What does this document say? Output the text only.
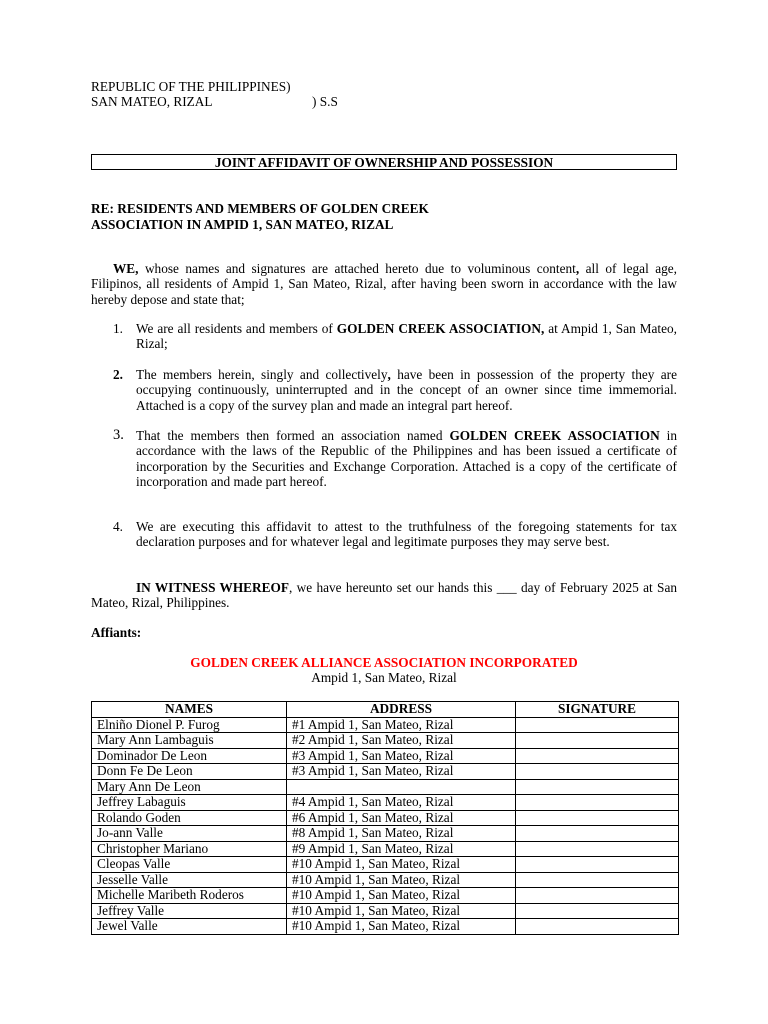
REPUBLIC OF THE PHILIPPINES)
SAN MATEO, RIZAL	) S.S
JOINT AFFIDAVIT OF OWNERSHIP AND POSSESSION
RE: RESIDENTS AND MEMBERS OF GOLDEN CREEK
ASSOCIATION IN AMPID 1, SAN MATEO, RIZAL
WE, whose names and signatures are attached hereto due to voluminous content, all of legal age, Filipinos, all residents of Ampid 1, San Mateo, Rizal, after having been sworn in accordance with the law hereby depose and state that;
1. We are all residents and members of GOLDEN CREEK ASSOCIATION, at Ampid 1, San Mateo, Rizal;
2. The members herein, singly and collectively, have been in possession of the property they are occupying continuously, uninterrupted and in the concept of an owner since time immemorial. Attached is a copy of the survey plan and made an integral part hereof.
3. That the members then formed an association named GOLDEN CREEK ASSOCIATION in accordance with the laws of the Republic of the Philippines and has been issued a certificate of incorporation by the Securities and Exchange Corporation. Attached is a copy of the certificate of incorporation and made part hereof.
4. We are executing this affidavit to attest to the truthfulness of the foregoing statements for tax declaration purposes and for whatever legal and legitimate purposes they may serve best.
IN WITNESS WHEREOF, we have hereunto set our hands this ___ day of February 2025 at San Mateo, Rizal, Philippines.
Affiants:
GOLDEN CREEK ALLIANCE ASSOCIATION INCORPORATED
Ampid 1, San Mateo, Rizal
NAMES	ADDRESS	SIGNATURE
Elniño Dionel P. Furog	#1 Ampid 1, San Mateo, Rizal	
Mary Ann Lambaguis	#2 Ampid 1, San Mateo, Rizal	
Dominador De Leon	#3 Ampid 1, San Mateo, Rizal	
Donn Fe De Leon	#3 Ampid 1, San Mateo, Rizal	
Mary Ann De Leon		
Jeffrey Labaguis	#4 Ampid 1, San Mateo, Rizal	
Rolando Goden	#6 Ampid 1, San Mateo, Rizal	
Jo-ann Valle	#8 Ampid 1, San Mateo, Rizal	
Christopher Mariano	#9 Ampid 1, San Mateo, Rizal	
Cleopas Valle	#10 Ampid 1, San Mateo, Rizal	
Jesselle Valle	#10 Ampid 1, San Mateo, Rizal	
Michelle Maribeth Roderos	#10 Ampid 1, San Mateo, Rizal	
Jeffrey Valle	#10 Ampid 1, San Mateo, Rizal	
Jewel Valle	#10 Ampid 1, San Mateo, Rizal	
